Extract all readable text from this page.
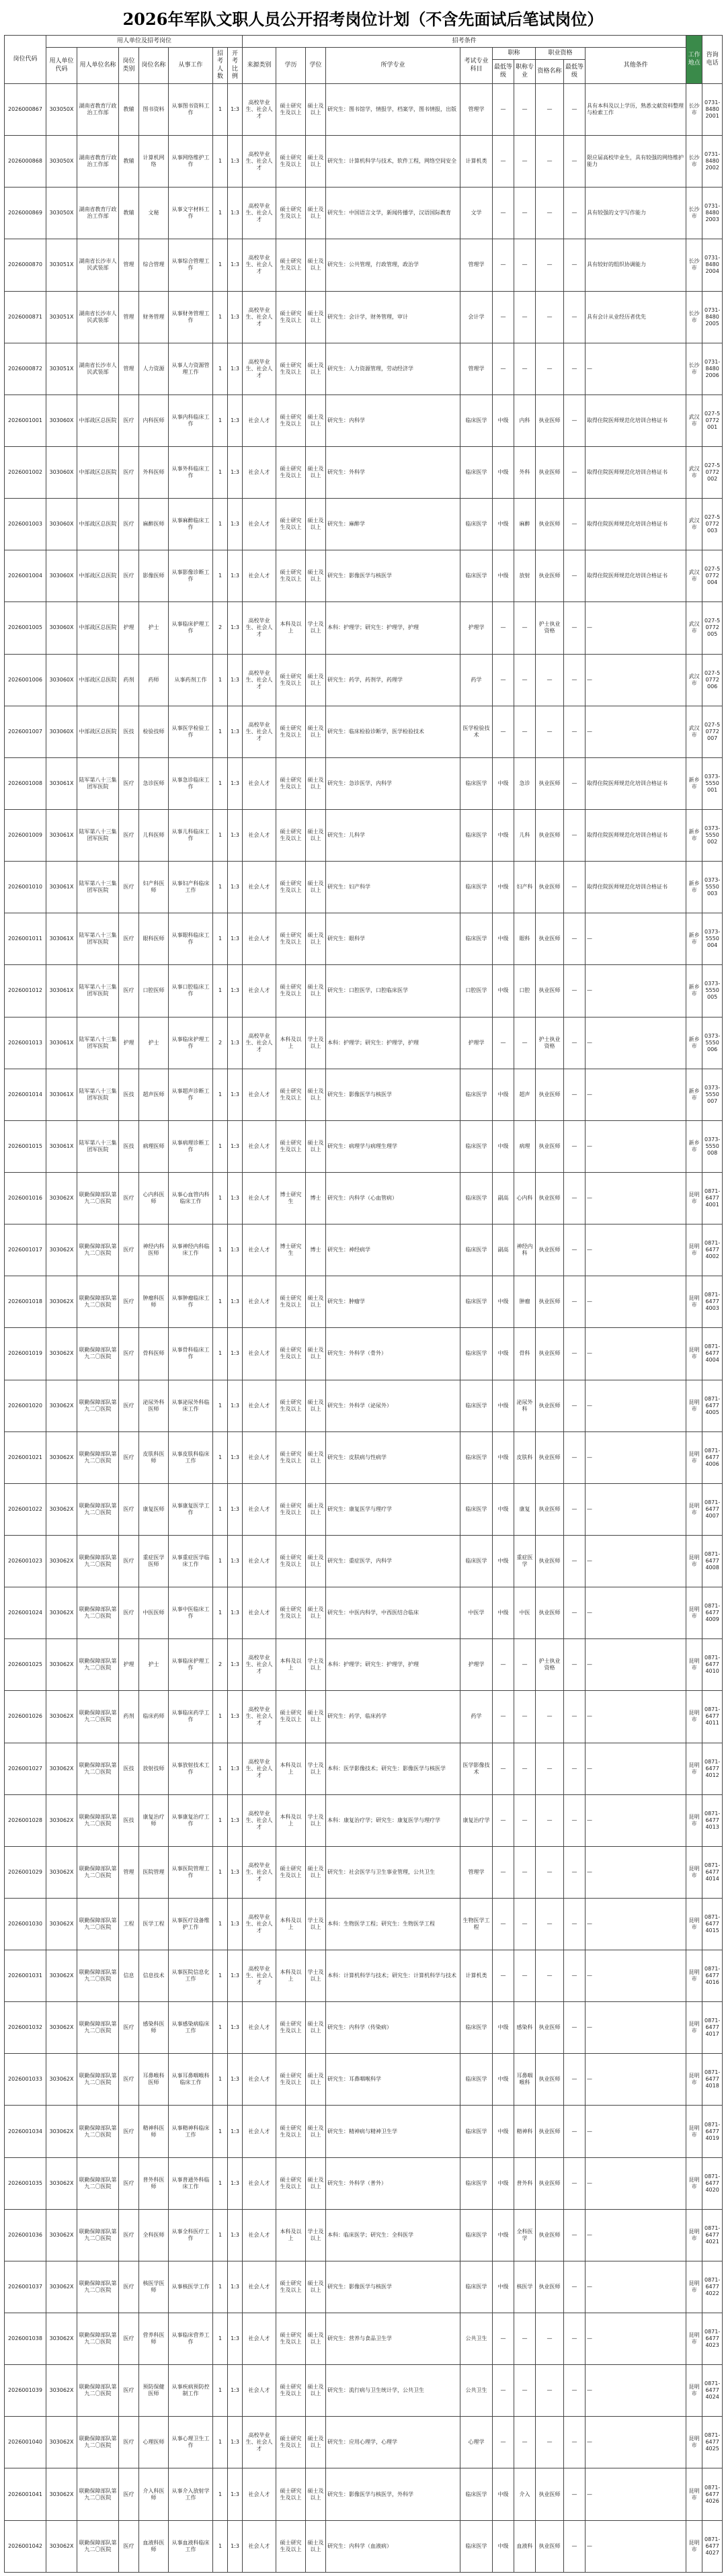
2026年军队文职人员公开招考岗位计划（不含先面试后笔试岗位）
岗位代码	用人单位及招考岗位							招考条件										工作地点	咨询电话
	用人单位代码	用人单位名称	岗位类别	岗位名称	从事工作	招考人数	开考比例	来源类别	学历	学位	所学专业	考试专业科目	职称		职业资格		其他条件		
													最低等级	职称专业	资格名称	最低等级			
2026000867	303050X	湖南省教育厅政治工作部	教辅	图书资料	从事图书资料工作	1	1:3	高校毕业生、社会人才	硕士研究生及以上	硕士及以上	研究生：图书馆学，情报学，档案学，图书情报，出版	管理学	—	—	—	—	具有本科及以上学历，熟悉文献资料整理与检索工作	长沙市	0731-84802001
2026000868	303050X	湖南省教育厅政治工作部	教辅	计算机网络	从事网络维护工作	1	1:3	高校毕业生、社会人才	硕士研究生及以上	硕士及以上	研究生：计算机科学与技术，软件工程，网络空间安全	计算机类	—	—	—	—	限应届高校毕业生，具有较强的网络维护能力	长沙市	0731-84802002
2026000869	303050X	湖南省教育厅政治工作部	教辅	文秘	从事文字材料工作	1	1:3	高校毕业生、社会人才	硕士研究生及以上	硕士及以上	研究生：中国语言文学，新闻传播学，汉语国际教育	文学	—	—	—	—	具有较强的文字写作能力	长沙市	0731-84802003
2026000870	303051X	湖南省长沙市人民武装部	管理	综合管理	从事综合管理工作	1	1:3	高校毕业生、社会人才	硕士研究生及以上	硕士及以上	研究生：公共管理，行政管理，政治学	管理学	—	—	—	—	具有较好的组织协调能力	长沙市	0731-84802004
2026000871	303051X	湖南省长沙市人民武装部	管理	财务管理	从事财务管理工作	1	1:3	高校毕业生、社会人才	硕士研究生及以上	硕士及以上	研究生：会计学，财务管理，审计	会计学	—	—	—	—	具有会计从业经历者优先	长沙市	0731-84802005
2026000872	303051X	湖南省长沙市人民武装部	管理	人力资源	从事人力资源管理工作	1	1:3	高校毕业生、社会人才	硕士研究生及以上	硕士及以上	研究生：人力资源管理，劳动经济学	管理学	—	—	—	—	—	长沙市	0731-84802006
2026001001	303060X	中部战区总医院	医疗	内科医师	从事内科临床工作	1	1:3	社会人才	硕士研究生及以上	硕士及以上	研究生：内科学	临床医学	中级	内科	执业医师	—	取得住院医师规范化培训合格证书	武汉市	027-50772001
2026001002	303060X	中部战区总医院	医疗	外科医师	从事外科临床工作	1	1:3	社会人才	硕士研究生及以上	硕士及以上	研究生：外科学	临床医学	中级	外科	执业医师	—	取得住院医师规范化培训合格证书	武汉市	027-50772002
2026001003	303060X	中部战区总医院	医疗	麻醉医师	从事麻醉临床工作	1	1:3	社会人才	硕士研究生及以上	硕士及以上	研究生：麻醉学	临床医学	中级	麻醉	执业医师	—	取得住院医师规范化培训合格证书	武汉市	027-50772003
2026001004	303060X	中部战区总医院	医疗	影像医师	从事影像诊断工作	1	1:3	社会人才	硕士研究生及以上	硕士及以上	研究生：影像医学与核医学	临床医学	中级	放射	执业医师	—	取得住院医师规范化培训合格证书	武汉市	027-50772004
2026001005	303060X	中部战区总医院	护理	护士	从事临床护理工作	2	1:3	高校毕业生、社会人才	本科及以上	学士及以上	本科：护理学；研究生：护理学，护理	护理学	—	—	护士执业资格	—	—	武汉市	027-50772005
2026001006	303060X	中部战区总医院	药剂	药师	从事药剂工作	1	1:3	高校毕业生、社会人才	硕士研究生及以上	硕士及以上	研究生：药学，药剂学，药理学	药学	—	—	—	—	—	武汉市	027-50772006
2026001007	303060X	中部战区总医院	医技	检验技师	从事医学检验工作	1	1:3	高校毕业生、社会人才	硕士研究生及以上	硕士及以上	研究生：临床检验诊断学，医学检验技术	医学检验技术	—	—	—	—	—	武汉市	027-50772007
2026001008	303061X	陆军第八十三集团军医院	医疗	急诊医师	从事急诊临床工作	1	1:3	社会人才	硕士研究生及以上	硕士及以上	研究生：急诊医学，内科学	临床医学	中级	急诊	执业医师	—	取得住院医师规范化培训合格证书	新乡市	0373-5550001
2026001009	303061X	陆军第八十三集团军医院	医疗	儿科医师	从事儿科临床工作	1	1:3	社会人才	硕士研究生及以上	硕士及以上	研究生：儿科学	临床医学	中级	儿科	执业医师	—	取得住院医师规范化培训合格证书	新乡市	0373-5550002
2026001010	303061X	陆军第八十三集团军医院	医疗	妇产科医师	从事妇产科临床工作	1	1:3	社会人才	硕士研究生及以上	硕士及以上	研究生：妇产科学	临床医学	中级	妇产科	执业医师	—	取得住院医师规范化培训合格证书	新乡市	0373-5550003
2026001011	303061X	陆军第八十三集团军医院	医疗	眼科医师	从事眼科临床工作	1	1:3	社会人才	硕士研究生及以上	硕士及以上	研究生：眼科学	临床医学	中级	眼科	执业医师	—	—	新乡市	0373-5550004
2026001012	303061X	陆军第八十三集团军医院	医疗	口腔医师	从事口腔临床工作	1	1:3	社会人才	硕士研究生及以上	硕士及以上	研究生：口腔医学，口腔临床医学	口腔医学	中级	口腔	执业医师	—	—	新乡市	0373-5550005
2026001013	303061X	陆军第八十三集团军医院	护理	护士	从事临床护理工作	2	1:3	高校毕业生、社会人才	本科及以上	学士及以上	本科：护理学；研究生：护理学，护理	护理学	—	—	护士执业资格	—	—	新乡市	0373-5550006
2026001014	303061X	陆军第八十三集团军医院	医技	超声医师	从事超声诊断工作	1	1:3	社会人才	硕士研究生及以上	硕士及以上	研究生：影像医学与核医学	临床医学	中级	超声	执业医师	—	—	新乡市	0373-5550007
2026001015	303061X	陆军第八十三集团军医院	医技	病理医师	从事病理诊断工作	1	1:3	社会人才	硕士研究生及以上	硕士及以上	研究生：病理学与病理生理学	临床医学	中级	病理	执业医师	—	—	新乡市	0373-5550008
2026001016	303062X	联勤保障部队第九二〇医院	医疗	心内科医师	从事心血管内科临床工作	1	1:3	社会人才	博士研究生	博士	研究生：内科学（心血管病）	临床医学	副高	心内科	执业医师	—	—	昆明市	0871-64774001
2026001017	303062X	联勤保障部队第九二〇医院	医疗	神经内科医师	从事神经内科临床工作	1	1:3	社会人才	博士研究生	博士	研究生：神经病学	临床医学	副高	神经内科	执业医师	—	—	昆明市	0871-64774002
2026001018	303062X	联勤保障部队第九二〇医院	医疗	肿瘤科医师	从事肿瘤临床工作	1	1:3	社会人才	硕士研究生及以上	硕士及以上	研究生：肿瘤学	临床医学	中级	肿瘤	执业医师	—	—	昆明市	0871-64774003
2026001019	303062X	联勤保障部队第九二〇医院	医疗	骨科医师	从事骨科临床工作	1	1:3	社会人才	硕士研究生及以上	硕士及以上	研究生：外科学（骨外）	临床医学	中级	骨科	执业医师	—	—	昆明市	0871-64774004
2026001020	303062X	联勤保障部队第九二〇医院	医疗	泌尿外科医师	从事泌尿外科临床工作	1	1:3	社会人才	硕士研究生及以上	硕士及以上	研究生：外科学（泌尿外）	临床医学	中级	泌尿外科	执业医师	—	—	昆明市	0871-64774005
2026001021	303062X	联勤保障部队第九二〇医院	医疗	皮肤科医师	从事皮肤科临床工作	1	1:3	社会人才	硕士研究生及以上	硕士及以上	研究生：皮肤病与性病学	临床医学	中级	皮肤科	执业医师	—	—	昆明市	0871-64774006
2026001022	303062X	联勤保障部队第九二〇医院	医疗	康复医师	从事康复医学工作	1	1:3	社会人才	硕士研究生及以上	硕士及以上	研究生：康复医学与理疗学	临床医学	中级	康复	执业医师	—	—	昆明市	0871-64774007
2026001023	303062X	联勤保障部队第九二〇医院	医疗	重症医学医师	从事重症医学临床工作	1	1:3	社会人才	硕士研究生及以上	硕士及以上	研究生：重症医学，内科学	临床医学	中级	重症医学	执业医师	—	—	昆明市	0871-64774008
2026001024	303062X	联勤保障部队第九二〇医院	医疗	中医医师	从事中医临床工作	1	1:3	社会人才	硕士研究生及以上	硕士及以上	研究生：中医内科学，中西医结合临床	中医学	中级	中医	执业医师	—	—	昆明市	0871-64774009
2026001025	303062X	联勤保障部队第九二〇医院	护理	护士	从事临床护理工作	2	1:3	高校毕业生、社会人才	本科及以上	学士及以上	本科：护理学；研究生：护理学，护理	护理学	—	—	护士执业资格	—	—	昆明市	0871-64774010
2026001026	303062X	联勤保障部队第九二〇医院	药剂	临床药师	从事临床药学工作	1	1:3	高校毕业生、社会人才	硕士研究生及以上	硕士及以上	研究生：药学，临床药学	药学	—	—	—	—	—	昆明市	0871-64774011
2026001027	303062X	联勤保障部队第九二〇医院	医技	放射技师	从事放射技术工作	1	1:3	高校毕业生、社会人才	本科及以上	学士及以上	本科：医学影像技术；研究生：影像医学与核医学	医学影像技术	—	—	—	—	—	昆明市	0871-64774012
2026001028	303062X	联勤保障部队第九二〇医院	医技	康复治疗师	从事康复治疗工作	1	1:3	高校毕业生、社会人才	本科及以上	学士及以上	本科：康复治疗学；研究生：康复医学与理疗学	康复治疗学	—	—	—	—	—	昆明市	0871-64774013
2026001029	303062X	联勤保障部队第九二〇医院	管理	医院管理	从事医院管理工作	1	1:3	高校毕业生、社会人才	硕士研究生及以上	硕士及以上	研究生：社会医学与卫生事业管理，公共卫生	管理学	—	—	—	—	—	昆明市	0871-64774014
2026001030	303062X	联勤保障部队第九二〇医院	工程	医学工程	从事医疗设备维护工作	1	1:3	高校毕业生、社会人才	本科及以上	学士及以上	本科：生物医学工程；研究生：生物医学工程	生物医学工程	—	—	—	—	—	昆明市	0871-64774015
2026001031	303062X	联勤保障部队第九二〇医院	信息	信息技术	从事医院信息化工作	1	1:3	高校毕业生、社会人才	本科及以上	学士及以上	本科：计算机科学与技术；研究生：计算机科学与技术	计算机类	—	—	—	—	—	昆明市	0871-64774016
2026001032	303062X	联勤保障部队第九二〇医院	医疗	感染科医师	从事感染病临床工作	1	1:3	社会人才	硕士研究生及以上	硕士及以上	研究生：内科学（传染病）	临床医学	中级	感染科	执业医师	—	—	昆明市	0871-64774017
2026001033	303062X	联勤保障部队第九二〇医院	医疗	耳鼻喉科医师	从事耳鼻咽喉科临床工作	1	1:3	社会人才	硕士研究生及以上	硕士及以上	研究生：耳鼻咽喉科学	临床医学	中级	耳鼻咽喉科	执业医师	—	—	昆明市	0871-64774018
2026001034	303062X	联勤保障部队第九二〇医院	医疗	精神科医师	从事精神科临床工作	1	1:3	社会人才	硕士研究生及以上	硕士及以上	研究生：精神病与精神卫生学	临床医学	中级	精神科	执业医师	—	—	昆明市	0871-64774019
2026001035	303062X	联勤保障部队第九二〇医院	医疗	普外科医师	从事普通外科临床工作	1	1:3	社会人才	硕士研究生及以上	硕士及以上	研究生：外科学（普外）	临床医学	中级	普外科	执业医师	—	—	昆明市	0871-64774020
2026001036	303062X	联勤保障部队第九二〇医院	医疗	全科医师	从事全科医疗工作	1	1:3	社会人才	本科及以上	学士及以上	本科：临床医学；研究生：全科医学	临床医学	中级	全科医学	执业医师	—	—	昆明市	0871-64774021
2026001037	303062X	联勤保障部队第九二〇医院	医疗	核医学医师	从事核医学工作	1	1:3	社会人才	硕士研究生及以上	硕士及以上	研究生：影像医学与核医学	临床医学	中级	核医学	执业医师	—	—	昆明市	0871-64774022
2026001038	303062X	联勤保障部队第九二〇医院	医疗	营养科医师	从事临床营养工作	1	1:3	社会人才	硕士研究生及以上	硕士及以上	研究生：营养与食品卫生学	公共卫生	—	—	—	—	—	昆明市	0871-64774023
2026001039	303062X	联勤保障部队第九二〇医院	医疗	预防保健医师	从事疾病预防控制工作	1	1:3	社会人才	硕士研究生及以上	硕士及以上	研究生：流行病与卫生统计学，公共卫生	公共卫生	—	—	—	—	—	昆明市	0871-64774024
2026001040	303062X	联勤保障部队第九二〇医院	医疗	心理医师	从事心理卫生工作	1	1:3	高校毕业生、社会人才	硕士研究生及以上	硕士及以上	研究生：应用心理学，心理学	心理学	—	—	—	—	—	昆明市	0871-64774025
2026001041	303062X	联勤保障部队第九二〇医院	医疗	介入科医师	从事介入放射学工作	1	1:3	社会人才	硕士研究生及以上	硕士及以上	研究生：影像医学与核医学，外科学	临床医学	中级	介入	执业医师	—	—	昆明市	0871-64774026
2026001042	303062X	联勤保障部队第九二〇医院	医疗	血液科医师	从事血液科临床工作	1	1:3	社会人才	硕士研究生及以上	硕士及以上	研究生：内科学（血液病）	临床医学	中级	血液科	执业医师	—	—	昆明市	0871-64774027
